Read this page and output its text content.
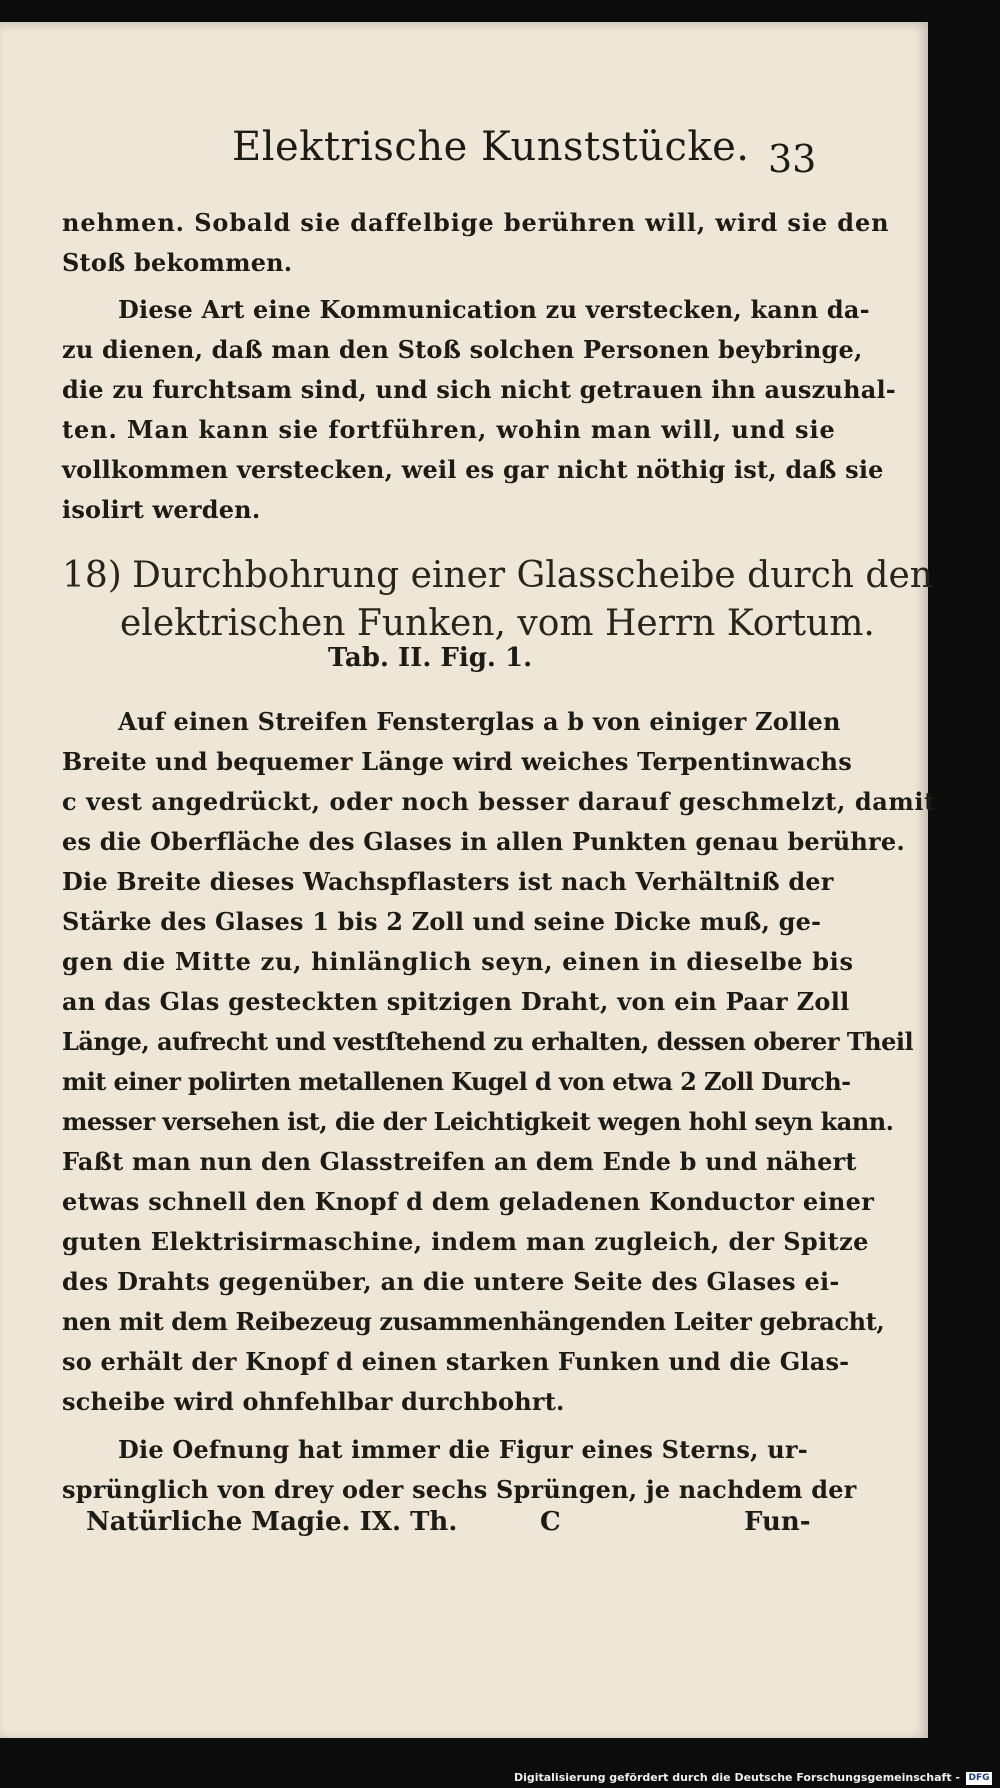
Elektrische Kunststücke. 33
nehmen. Sobald sie daffelbige berühren will, wird sie den
Stoß bekommen.
Diese Art eine Kommunication zu verstecken, kann da-
zu dienen, daß man den Stoß solchen Personen beybringe,
die zu furchtsam sind, und sich nicht getrauen ihn auszuhal-
ten. Man kann sie fortführen, wohin man will, und sie
vollkommen verstecken, weil es gar nicht nöthig ist, daß sie
isolirt werden.
18) Durchbohrung einer Glasscheibe durch den
elektrischen Funken, vom Herrn Kortum.
Tab. II. Fig. 1.
Auf einen Streifen Fensterglas a b von einiger Zollen
Breite und bequemer Länge wird weiches Terpentinwachs
c vest angedrückt, oder noch besser darauf geschmelzt, damit
es die Oberfläche des Glases in allen Punkten genau berühre.
Die Breite dieses Wachspflasters ist nach Verhältniß der
Stärke des Glases 1 bis 2 Zoll und seine Dicke muß, ge-
gen die Mitte zu, hinlänglich seyn, einen in dieselbe bis
an das Glas gesteckten spitzigen Draht, von ein Paar Zoll
Länge, aufrecht und vestſtehend zu erhalten, dessen oberer Theil
mit einer polirten metallenen Kugel d von etwa 2 Zoll Durch-
messer versehen ist, die der Leichtigkeit wegen hohl seyn kann.
Faßt man nun den Glasstreifen an dem Ende b und nähert
etwas schnell den Knopf d dem geladenen Konductor einer
guten Elektrisirmaschine, indem man zugleich, der Spitze
des Drahts gegenüber, an die untere Seite des Glases ei-
nen mit dem Reibezeug zusammenhängenden Leiter gebracht,
so erhält der Knopf d einen starken Funken und die Glas-
scheibe wird ohnfehlbar durchbohrt.
Die Oefnung hat immer die Figur eines Sterns, ur-
sprünglich von drey oder sechs Sprüngen, je nachdem der
Natürliche Magie. IX. Th.	C	Fun-
Digitalisierung gefördert durch die Deutsche Forschungsgemeinschaft - DFG
